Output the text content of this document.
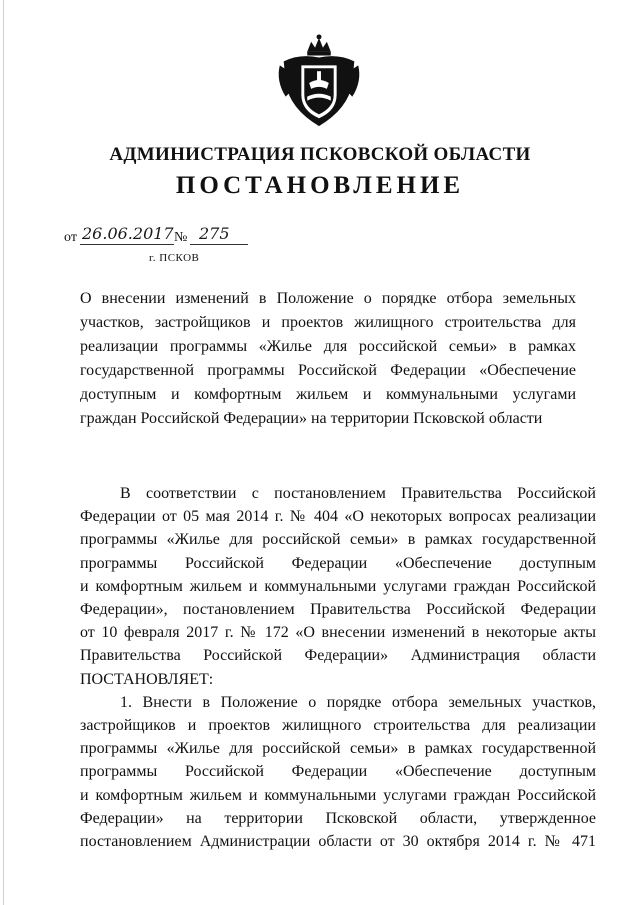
АДМИНИСТРАЦИЯ ПСКОВСКОЙ ОБЛАСТИ
ПОСТАНОВЛЕНИЕ
от 26.06.2017 № 275
г. ПСКОВ
О внесении изменений в Положение о порядке отбора земельных
участков, застройщиков и проектов жилищного строительства для
реализации программы «Жилье для российской семьи» в рамках
государственной программы Российской Федерации «Обеспечение
доступным и комфортным жильем и коммунальными услугами
граждан Российской Федерации» на территории Псковской области
В соответствии с постановлением Правительства Российской
Федерации от 05 мая 2014 г. № 404 «О некоторых вопросах реализации
программы «Жилье для российской семьи» в рамках государственной
программы Российской Федерации «Обеспечение доступным
и комфортным жильем и коммунальными услугами граждан Российской
Федерации», постановлением Правительства Российской Федерации
от 10 февраля 2017 г. № 172 «О внесении изменений в некоторые акты
Правительства Российской Федерации» Администрация области
ПОСТАНОВЛЯЕТ:
1. Внести в Положение о порядке отбора земельных участков,
застройщиков и проектов жилищного строительства для реализации
программы «Жилье для российской семьи» в рамках государственной
программы Российской Федерации «Обеспечение доступным
и комфортным жильем и коммунальными услугами граждан Российской
Федерации» на территории Псковской области, утвержденное
постановлением Администрации области от 30 октября 2014 г. № 471
